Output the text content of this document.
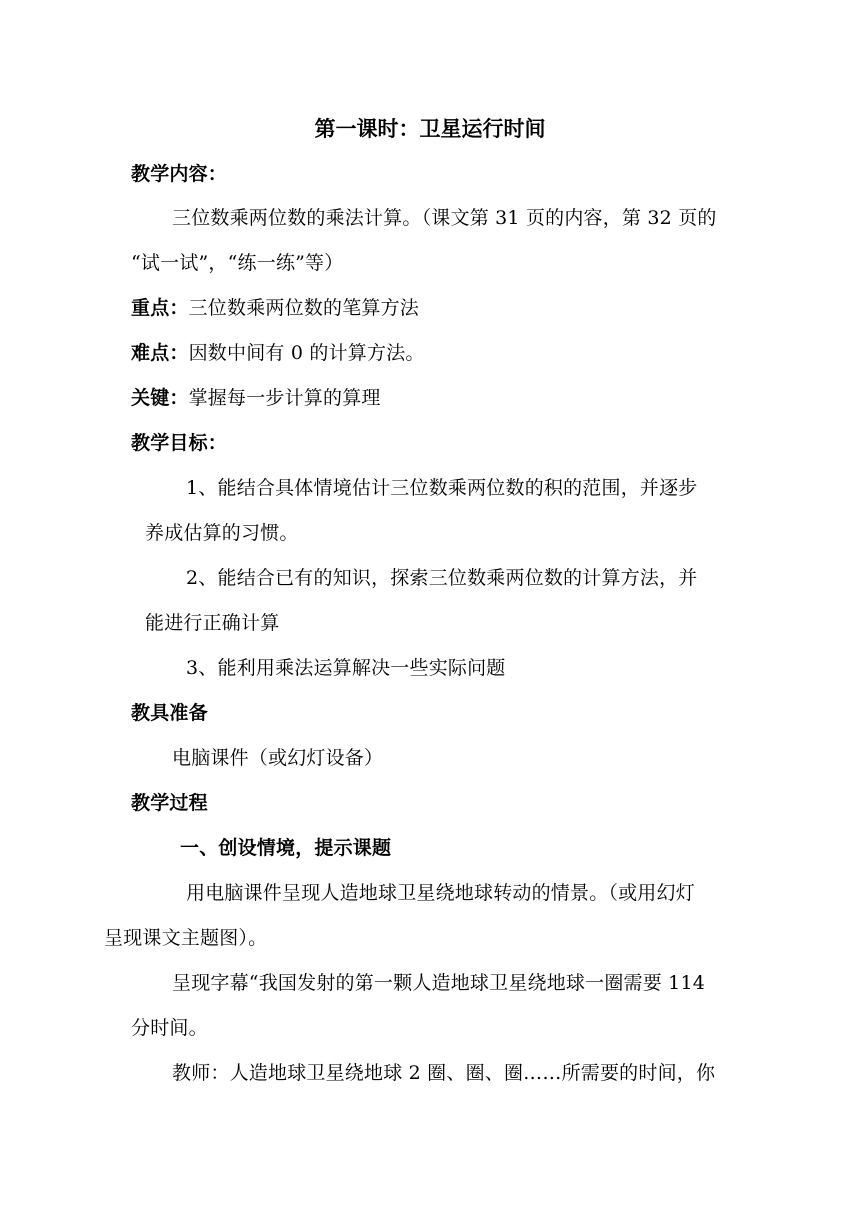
第一课时：卫星运行时间
教学内容：
三位数乘两位数的乘法计算。（课文第 31 页的内容，第 32 页的
“试一试”，“练一练”等）
重点：三位数乘两位数的笔算方法
难点：因数中间有 0 的计算方法。
关键：掌握每一步计算的算理
教学目标：
1、能结合具体情境估计三位数乘两位数的积的范围，并逐步
养成估算的习惯。
2、能结合已有的知识，探索三位数乘两位数的计算方法，并
能进行正确计算
3、能利用乘法运算解决一些实际问题
教具准备
电脑课件（或幻灯设备）
教学过程
一、创设情境，提示课题
用电脑课件呈现人造地球卫星绕地球转动的情景。（或用幻灯
呈现课文主题图）。
呈现字幕“我国发射的第一颗人造地球卫星绕地球一圈需要 114
分时间。
教师：人造地球卫星绕地球 2 圈、圈、圈……所需要的时间，你
